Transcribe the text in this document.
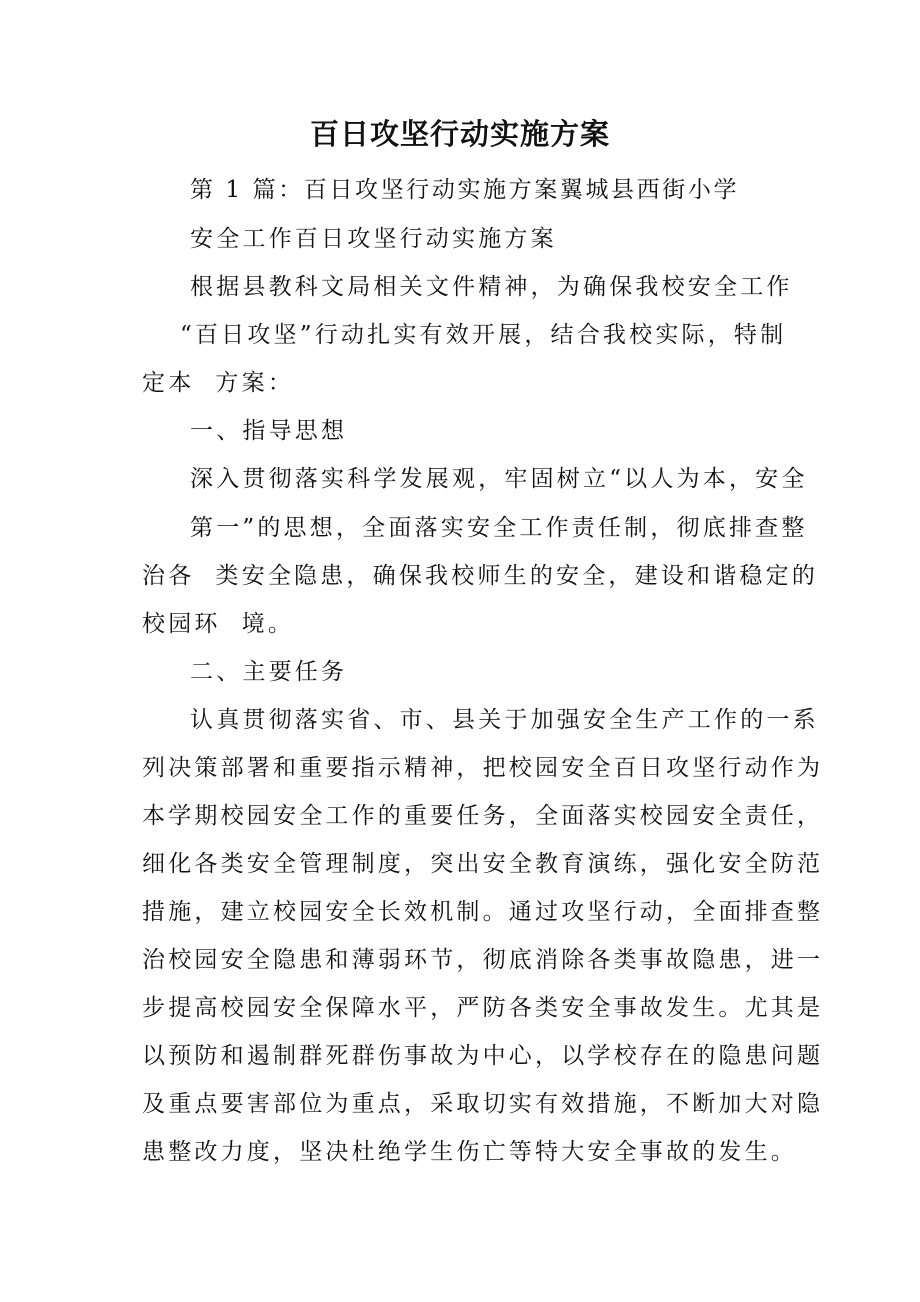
百日攻坚行动实施方案
第 1 篇：百日攻坚行动实施方案翼城县西街小学
安全工作百日攻坚行动实施方案
根据县教科文局相关文件精神，为确保我校安全工作
“百日攻坚”行动扎实有效开展，结合我校实际，特制
定本  方案：
一、指导思想
深入贯彻落实科学发展观，牢固树立“以人为本，安全
第一”的思想，全面落实安全工作责任制，彻底排查整
治各  类安全隐患，确保我校师生的安全，建设和谐稳定的
校园环  境。
二、主要任务
认真贯彻落实省、市、县关于加强安全生产工作的一系
列决策部署和重要指示精神，把校园安全百日攻坚行动作为
本学期校园安全工作的重要任务，全面落实校园安全责任，
细化各类安全管理制度，突出安全教育演练，强化安全防范
措施，建立校园安全长效机制。通过攻坚行动，全面排查整
治校园安全隐患和薄弱环节，彻底消除各类事故隐患，进一
步提高校园安全保障水平，严防各类安全事故发生。尤其是
以预防和遏制群死群伤事故为中心，以学校存在的隐患问题
及重点要害部位为重点，采取切实有效措施，不断加大对隐
患整改力度，坚决杜绝学生伤亡等特大安全事故的发生。
